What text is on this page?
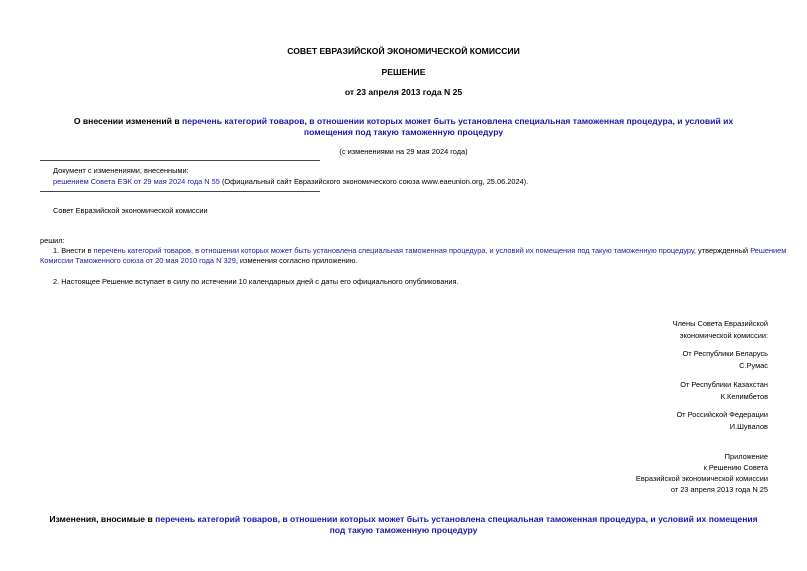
СОВЕТ ЕВРАЗИЙСКОЙ ЭКОНОМИЧЕСКОЙ КОМИССИИ
РЕШЕНИЕ
от 23 апреля 2013 года N 25
О внесении изменений в перечень категорий товаров, в отношении которых может быть установлена специальная таможенная процедура, и условий их помещения под такую таможенную процедуру
(с изменениями на 29 мая 2024 года)
Документ с изменениями, внесенными:
решением Совета ЕЭК от 29 мая 2024 года N 55 (Официальный сайт Евразийского экономического союза www.eaeunion.org, 25.06.2024).
Совет Евразийской экономической комиссии
решил:
1. Внести в перечень категорий товаров, в отношении которых может быть установлена специальная таможенная процедура, и условий их помещения под такую таможенную процедуру, утвержденный Решением
Комиссии Таможенного союза от 20 мая 2010 года N 329, изменения согласно приложению.
2. Настоящее Решение вступает в силу по истечении 10 календарных дней с даты его официального опубликования.
Члены Совета Евразийской
экономической комиссии:
От Республики Беларусь
С.Румас
От Республики Казахстан
К.Келимбетов
От Российской Федерации
И.Шувалов
Приложение
к Решению Совета
Евразийской экономической комиссии
от 23 апреля 2013 года N 25
Изменения, вносимые в перечень категорий товаров, в отношении которых может быть установлена специальная таможенная процедура, и условий их помещения
под такую таможенную процедуру
